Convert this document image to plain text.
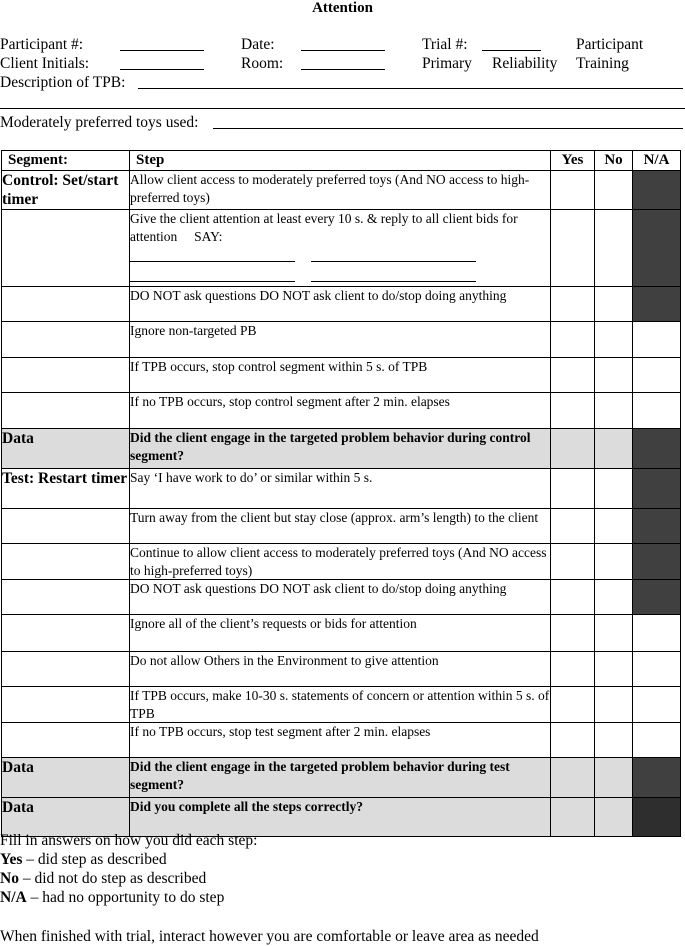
Attention
Participant #:	Date:	Trial #:	Participant
Client Initials:	Room:	Primary Reliability Training
Description of TPB:
Moderately preferred toys used:
Segment:	Step	Yes	No	N/A
Control: Set/start timer	Allow client access to moderately preferred toys (And NO access to high-preferred toys)			
	Give the client attention at least every 10 s. & reply to all client bids for attention SAY:

	DO NOT ask questions DO NOT ask client to do/stop doing anything			
	Ignore non-targeted PB			
	If TPB occurs, stop control segment within 5 s. of TPB			
	If no TPB occurs, stop control segment after 2 min. elapses			
Data	Did the client engage in the targeted problem behavior during control segment?			
Test: Restart timer	Say ‘I have work to do’ or similar within 5 s.			
	Turn away from the client but stay close (approx. arm’s length) to the client			
	Continue to allow client access to moderately preferred toys (And NO access to high-preferred toys)			
	DO NOT ask questions DO NOT ask client to do/stop doing anything			
	Ignore all of the client’s requests or bids for attention			
	Do not allow Others in the Environment to give attention			
	If TPB occurs, make 10-30 s. statements of concern or attention within 5 s. of TPB			
	If no TPB occurs, stop test segment after 2 min. elapses			
Data	Did the client engage in the targeted problem behavior during test segment?			
Data	Did you complete all the steps correctly?			
Fill in answers on how you did each step:
Yes – did step as described
No – did not do step as described
N/A – had no opportunity to do step
When finished with trial, interact however you are comfortable or leave area as needed
